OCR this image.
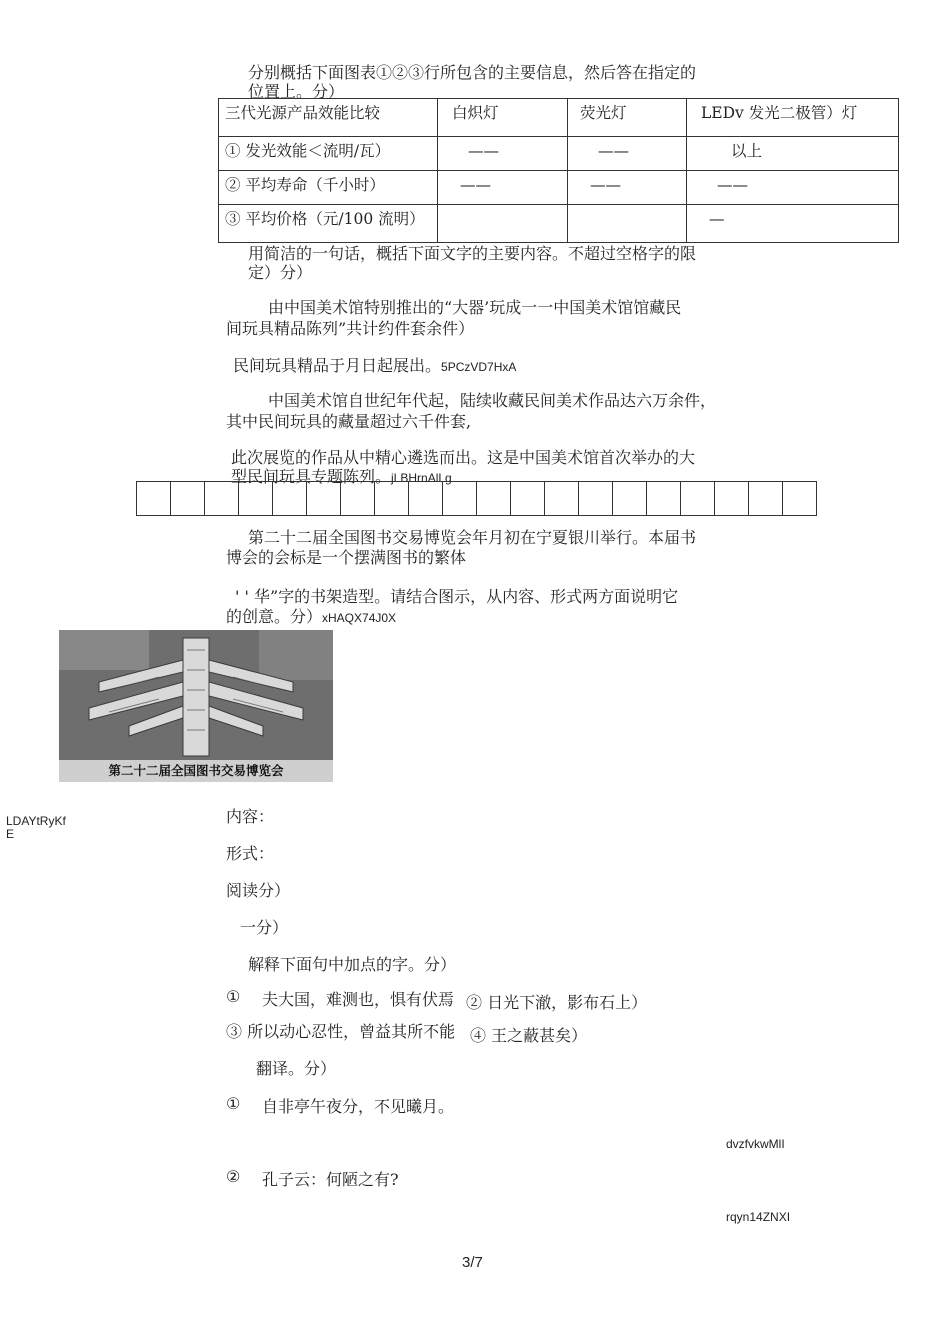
分别概括下面图表①②③行所包含的主要信息，然后答在指定的
位置上。分）
三代光源产品效能比较	白炽灯	荧光灯	LEDv 发光二极管）灯
① 发光效能＜流明/瓦）	——	——	以上
② 平均寿命（千小时）	——	——	——
③ 平均价格（元/100 流明）			—
用简洁的一句话，概括下面文字的主要内容。不超过空格字的限
定）分）
由中国美术馆特别推出的“大器’玩成一一中国美术馆馆藏民
间玩具精品陈列”共计约件套余件）
民间玩具精品于月日起展出。5PCzVD7HxA
中国美术馆自世纪年代起，陆续收藏民间美术作品达六万余件，
其中民间玩具的藏量超过六千件套,
此次展览的作品从中精心遴选而出。这是中国美术馆首次举办的大
型民间玩具专题陈列。jLBHrnAlLg
第二十二届全国图书交易博览会年月初在宁夏银川举行。本届书
博会的会标是一个摆满图书的繁体
' ' 华”字的书架造型。请结合图示，从内容、形式两方面说明它
的创意。分）xHAQX74J0X
第二十二届全国图书交易博览会
LDAYtRyKf
E
内容：
形式：
阅读分）
一分）
解释下面句中加点的字。分）
① 夫大国，难测也，惧有伏焉 ② 日光下澈，影布石上）
③ 所以动心忍性，曾益其所不能 ④ 王之蔽甚矣）
翻译。分）
① 自非亭午夜分，不见曦月。
dvzfvkwMlI
② 孔子云：何陋之有?
rqyn14ZNXI
3/7
